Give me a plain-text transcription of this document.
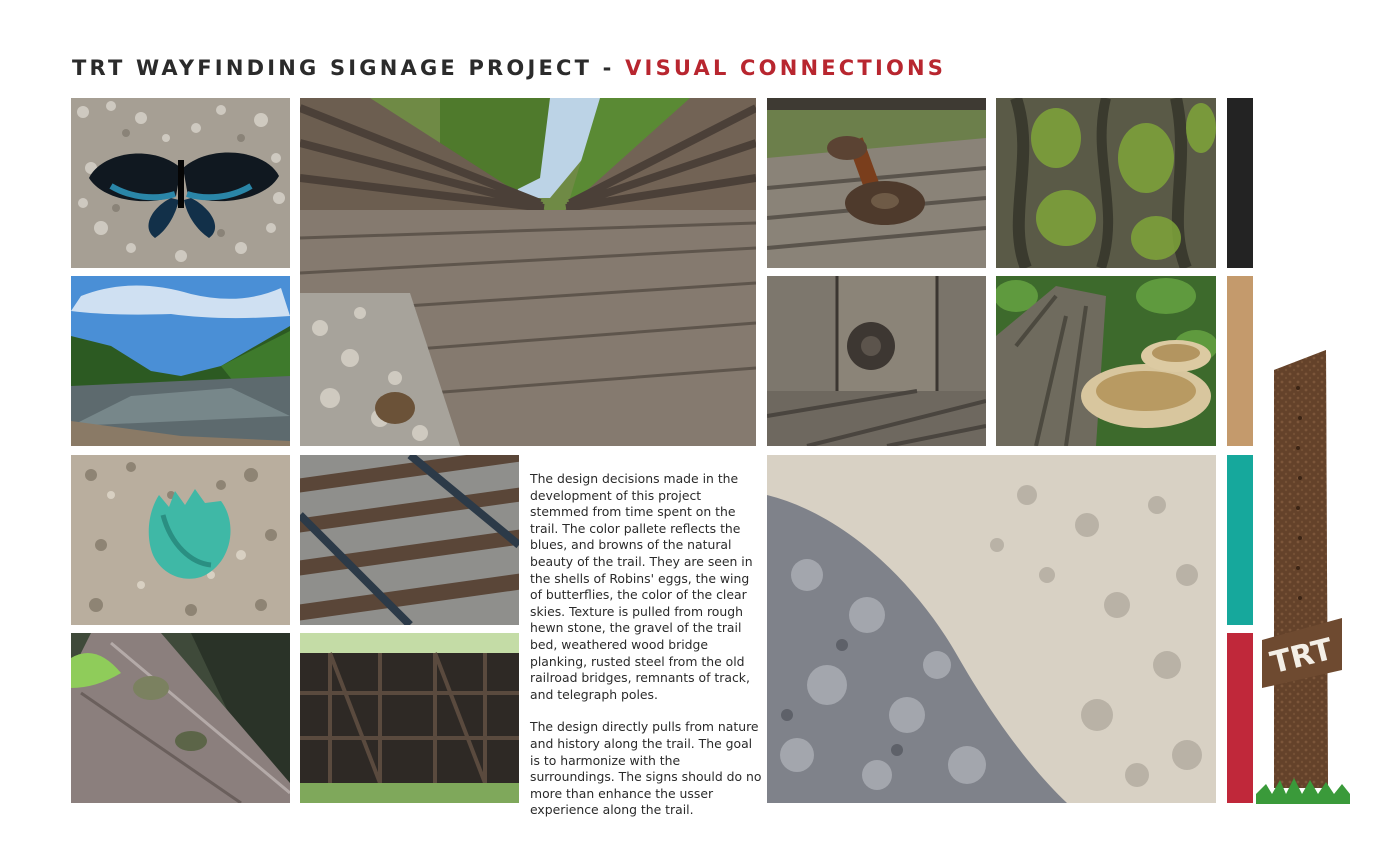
TRT WAYFINDING SIGNAGE PROJECT - VISUAL CONNECTIONS

The design decisions made in the development of this project stemmed from time spent on the trail. The color pallete reflects the blues, and browns of the natural beauty of the trail. They are seen in the shells of Robins' eggs, the wing of butterflies, the color of the clear skies. Texture is pulled from rough hewn stone, the gravel of the trail bed, weathered wood bridge planking, rusted steel from the old railroad bridges, remnants of track, and telegraph poles.

The design directly pulls from nature and history along the trail. The goal is to harmonize with the surroundings. The signs should do no more than enhance the usser experience along the trail.

TRT
